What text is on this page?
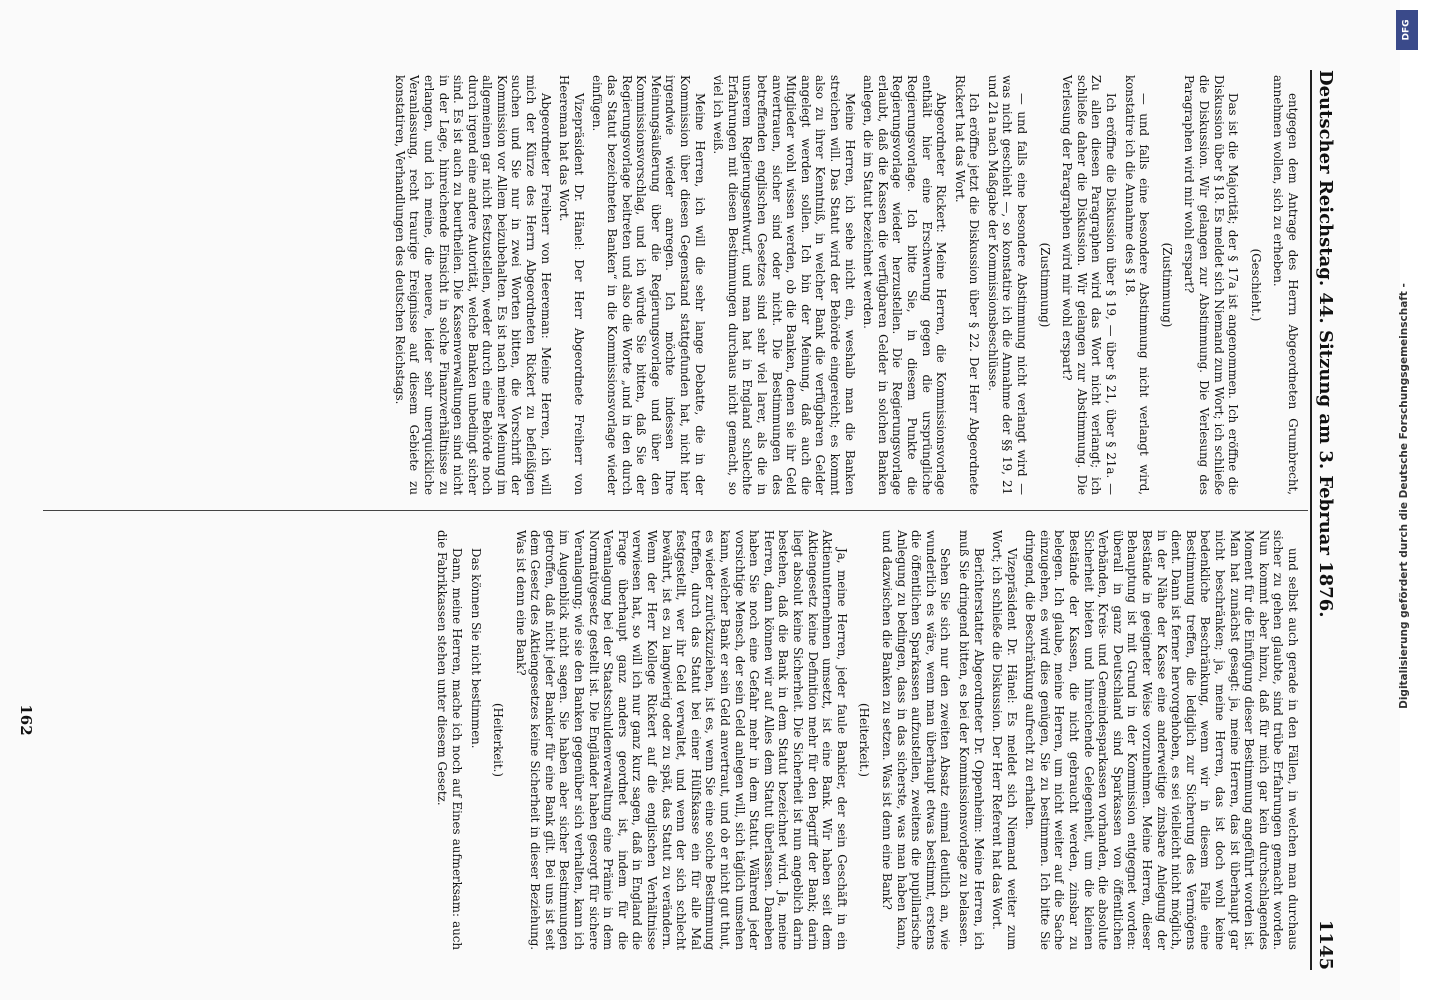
Deutscher Reichstag. 44. Sitzung am 3. Februar 1876.
1145

entgegen dem Antrage des Herrn Abgeordneten Grumbrecht, annehmen wollen, sich zu erheben.

(Geschieht.)

Das ist die Majorität; der § 17a ist angenommen. Ich eröffne die Diskussion über § 18. Es meldet sich Niemand zum Wort; ich schließe die Diskussion. Wir gelangen zur Abstimmung. Die Verlesung des Paragraphen wird mir wohl erspart?

(Zustimmung)

— und falls eine besondere Abstimmung nicht verlangt wird, konstatire ich die Annahme des § 18.

Ich eröffne die Diskussion über § 19, — über § 21, über § 21a. — Zu allen diesen Paragraphen wird das Wort nicht verlangt; ich schließe daher die Diskussion. Wir gelangen zur Abstimmung. Die Verlesung der Paragraphen wird mir wohl erspart?

(Zustimmung)

— und falls eine besondere Abstimmung nicht verlangt wird — was nicht geschieht —, so konstatire ich die Annahme der §§ 19, 21 und 21a nach Maßgabe der Kommissionsbeschlüsse.

Ich eröffne jetzt die Diskussion über § 22. Der Herr Abgeordnete Rickert hat das Wort.

Abgeordneter Rickert: Meine Herren, die Kommissionsvorlage enthält hier eine Erschwerung gegen die ursprüngliche Regierungsvorlage. Ich bitte Sie, in diesem Punkte die Regierungsvorlage wieder herzustellen. Die Regierungsvorlage erlaubt, daß die Kassen die verfügbaren Gelder in solchen Banken anlegen, die im Statut bezeichnet werden.

Meine Herren, ich sehe nicht ein, weshalb man die Banken streichen will. Das Statut wird der Behörde eingereicht; es kommt also zu ihrer Kenntniß, in welcher Bank die verfügbaren Gelder angelegt werden sollen. Ich bin der Meinung, daß auch die Mitglieder wohl wissen werden, ob die Banken, denen sie ihr Geld anvertrauen, sicher sind oder nicht. Die Bestimmungen des betreffenden englischen Gesetzes sind sehr viel larer, als die in unserem Regierungsentwurf, und man hat in England schlechte Erfahrungen mit diesen Bestimmungen durchaus nicht gemacht, so viel ich weiß.

Meine Herren, ich will die sehr lange Debatte, die in der Kommission über diesen Gegenstand stattgefunden hat, nicht hier irgendwie wieder anregen. Ich möchte indessen Ihre Meinungsäußerung über die Regierungsvorlage und über den Kommissionsvorschlag, und ich würde Sie bitten, daß Sie der Regierungsvorlage beitreten und also die Worte „und in den durch das Statut bezeichneten Banken“ in die Kommissionsvorlage wieder einfügen.

Vizepräsident Dr. Hänel: Der Herr Abgeordnete Freiherr von Heereman hat das Wort.

Abgeordneter Freiherr von Heereman: Meine Herren, ich will mich der Kürze des Herrn Abgeordneten Rickert zu befleißigen suchen und Sie nur in zwei Worten bitten, die Vorschrift der Kommission vor Allem beizubehalten. Es ist nach meiner Meinung im allgemeinen gar nicht festzustellen, weder durch eine Behörde noch durch irgend eine andere Autorität, welche Banken unbedingt sicher sind. Es ist auch zu beurtheilen. Die Kassenverwaltungen sind nicht in der Lage, hinreichende Einsicht in solche Finanzverhältnisse zu erlangen, und ich meine, die neuere, leider sehr unerquickliche Veranlassung, recht traurige Ereignisse auf diesem Gebiete zu konstatiren, Verhandlungen des deutschen Reichstags.

und selbst auch gerade in den Fällen, in welchen man durchaus sicher zu gehen glaubte, sind trübe Erfahrungen gemacht worden. Nun kommt aber hinzu, daß für mich gar kein durchschlagendes Moment für die Einfügung dieser Bestimmung angeführt worden ist. Man hat zunächst gesagt: ja, meine Herren, das ist überhaupt gar nicht beschränken; ja, meine Herren, das ist doch wohl keine bedenkliche Beschränkung, wenn wir in diesem Falle eine Bestimmung treffen, die lediglich zur Sicherung des Vermögens dient. Dann ist ferner hervorgehoben, es sei vielleicht nicht möglich, in der Nähe der Kasse eine anderweitige zinsbare Anlegung der Bestände in geeigneter Weise vorzunehmen. Meine Herren, dieser Behauptung ist mit Grund in der Kommission entgegnet worden: überall in ganz Deutschland sind Sparkassen von öffentlichen Verbänden, Kreis- und Gemeindesparkassen vorhanden, die absolute Sicherheit bieten und hinreichende Gelegenheit, um die kleinen Bestände der Kassen, die nicht gebraucht werden, zinsbar zu belegen. Ich glaube, meine Herren, um nicht weiter auf die Sache einzugehen, es wird dies genügen, Sie zu bestimmen. Ich bitte Sie dringend, die Beschränkung aufrecht zu erhalten.

Vizepräsident Dr. Hänel: Es meldet sich Niemand weiter zum Wort; ich schließe die Diskussion. Der Herr Referent hat das Wort.

Berichterstatter Abgeordneter Dr. Oppenheim: Meine Herren, ich muß Sie dringend bitten, es bei der Kommissionsvorlage zu belassen.

Sehen Sie sich nur den zweiten Absatz einmal deutlich an, wie wunderlich es wäre, wenn man überhaupt etwas bestimmt, erstens die öffentlichen Sparkassen aufzustellen, zweitens die pupillarische Anlegung zu bedingen, dass in das sicherste, was man haben kann, und dazwischen die Banken zu setzen. Was ist denn eine Bank?

(Heiterkeit.)

Ja, meine Herren, jeder faule Bankier, der sein Geschäft in ein Aktienunternehmen umsetzt, ist eine Bank. Wir haben seit dem Aktiengesetz keine Definition mehr für den Begriff der Bank; darin liegt absolut keine Sicherheit. Die Sicherheit ist nun angeblich darin bestehen, daß die Bank in dem Statut bezeichnet wird. Ja, meine Herren, dann können wir auf Alles dem Statut überlassen. Daneben haben Sie noch eine Gefahr mehr in dem Statut. Während jeder vorsichtige Mensch, der sein Geld anlegen will, sich täglich umsehen kann, welcher Bank er sein Geld anvertraut, und ob er nicht gut thut, es wieder zurückzuziehen, ist es, wenn Sie eine solche Bestimmung treffen, durch das Statut bei einer Hülfskasse ein für alle Mal festgestellt, wer ihr Geld verwaltet, und wenn der sich schlecht bewährt, ist es zu langwierig oder zu spät, das Statut zu verändern. Wenn der Herr Kollege Rickert auf die englischen Verhältnisse verwiesen hat, so will ich nur ganz kurz sagen, daß in England die Frage überhaupt ganz anders geordnet ist, indem für die Veranlagung bei der Staatsschuldenverwaltung eine Prämie in dem Normativgesetz gestellt ist. Die Engländer haben gesorgt für sichere Veranlagung; wie sie den Banken gegenüber sich verhalten, kann ich im Augenblick nicht sagen. Sie haben aber sicher Bestimmungen getroffen, daß nicht jeder Bankier für eine Bank gilt. Bei uns ist seit dem Gesetz des Aktiengesetzes keine Sicherheit in dieser Beziehung. Was ist denn eine Bank?

(Heiterkeit.)

Das können Sie nicht bestimmen.

Dann, meine Herren, mache ich noch auf Eines aufmerksam: auch die Fabrikkassen stehen unter diesem Gesetz.

162
DFG
Digitalisierung gefördert durch die Deutsche Forschungsgemeinschaft -
